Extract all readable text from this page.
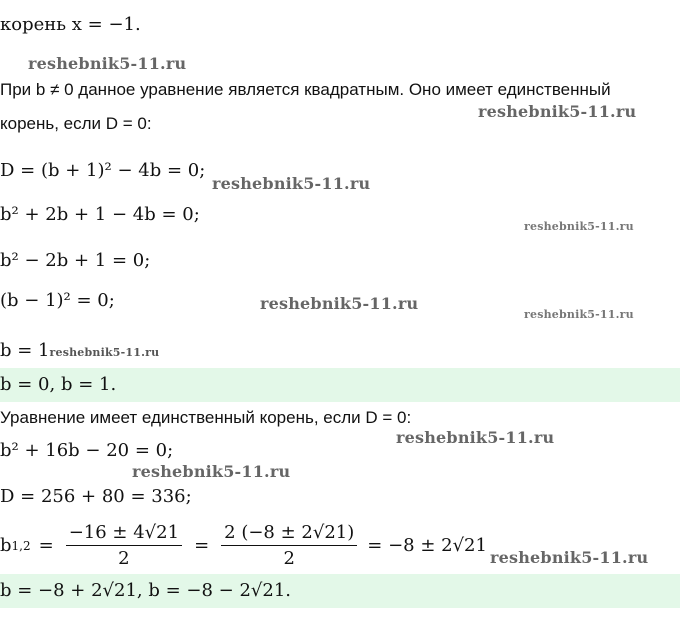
корень x = −1.
reshebnik5-11.ru
При b ≠ 0 данное уравнение является квадратным. Оно имеет единственный
reshebnik5-11.ru
корень, если D = 0:
D = (b + 1)² − 4b = 0;
reshebnik5-11.ru
b² + 2b + 1 − 4b = 0;
reshebnik5-11.ru
b² − 2b + 1 = 0;
(b − 1)² = 0;	reshebnik5-11.ru
reshebnik5-11.ru
b = 1reshebnik5-11.ru
b = 0, b = 1.
Уравнение имеет единственный корень, если D = 0:
reshebnik5-11.ru
b² + 16b − 20 = 0;
reshebnik5-11.ru
D = 256 + 80 = 336;
b $1,2 = \frac{-16 \pm 4√21}{2} = \frac{2 (-8 \pm 2√21)}{2} = -8 \pm 2√21$
reshebnik5-11.ru
b = −8 + 2√21, b = −8 − 2√21.
